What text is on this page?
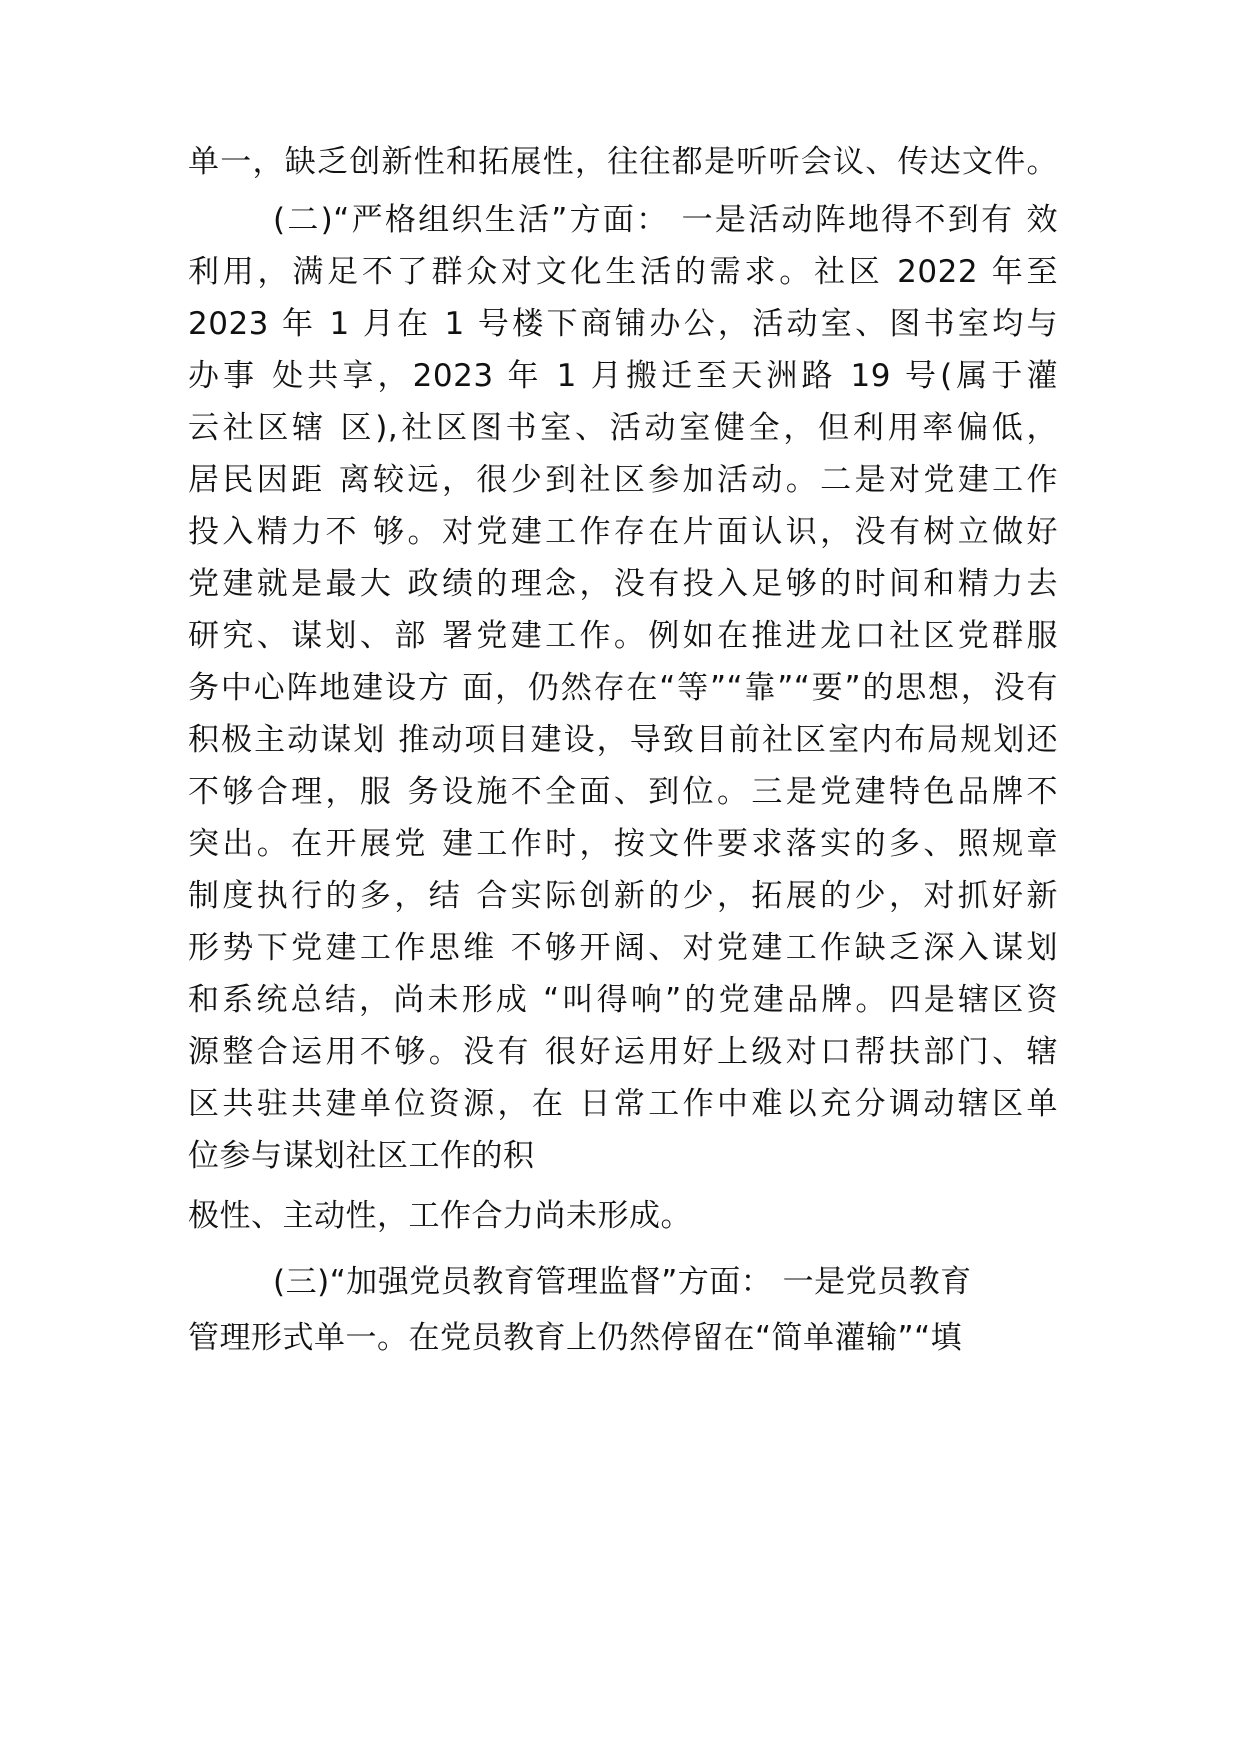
单一，缺乏创新性和拓展性，往往都是听听会议、传达文件。
(二)“严格组织生活”方面： 一是活动阵地得不到有 效
利用，满足不了群众对文化生活的需求。社区 2022 年至
2023 年 1 月在 1 号楼下商铺办公，活动室、图书室均与
办事 处共享，2023 年 1 月搬迁至天洲路 19 号(属于灌
云社区辖 区),社区图书室、活动室健全，但利用率偏低，
居民因距 离较远，很少到社区参加活动。二是对党建工作
投入精力不 够。对党建工作存在片面认识，没有树立做好
党建就是最大 政绩的理念，没有投入足够的时间和精力去
研究、谋划、部 署党建工作。例如在推进龙口社区党群服
务中心阵地建设方 面，仍然存在“等”“靠”“要”的思想，没有
积极主动谋划 推动项目建设，导致目前社区室内布局规划还
不够合理，服 务设施不全面、到位。三是党建特色品牌不
突出。在开展党 建工作时，按文件要求落实的多、照规章
制度执行的多，结 合实际创新的少，拓展的少，对抓好新
形势下党建工作思维 不够开阔、对党建工作缺乏深入谋划
和系统总结，尚未形成 “叫得响”的党建品牌。四是辖区资
源整合运用不够。没有 很好运用好上级对口帮扶部门、辖
区共驻共建单位资源，在 日常工作中难以充分调动辖区单
位参与谋划社区工作的积
极性、主动性，工作合力尚未形成。
(三)“加强党员教育管理监督”方面： 一是党员教育
管理形式单一。在党员教育上仍然停留在“简单灌输”“填
